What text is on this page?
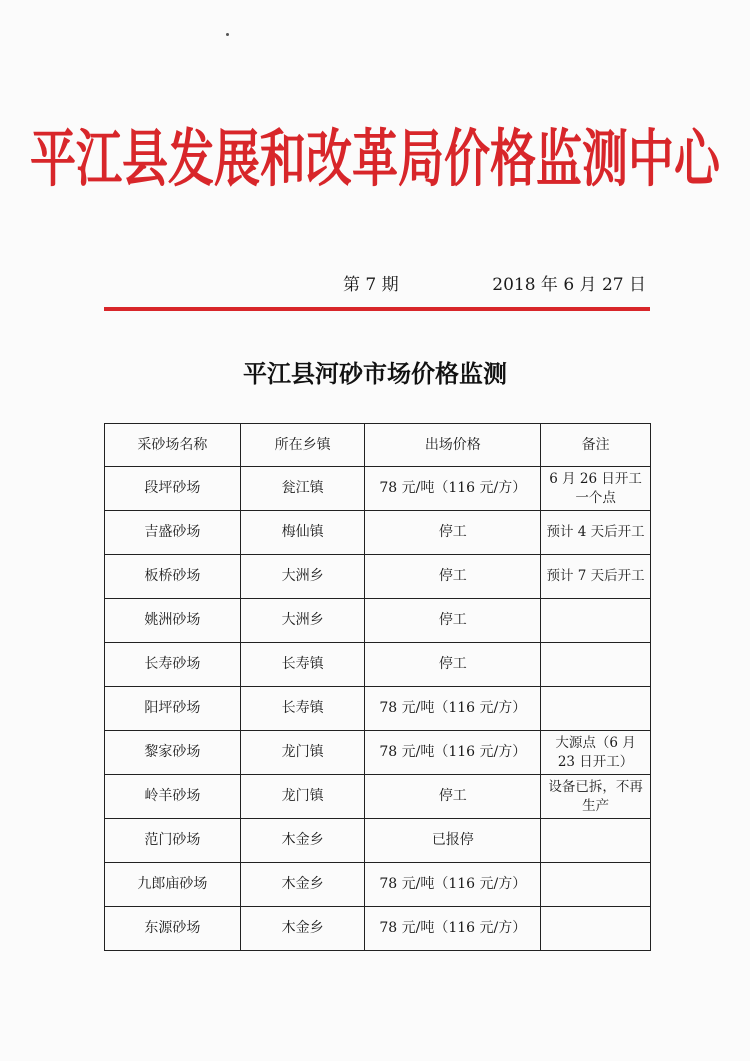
平江县发展和改革局价格监测中心
第 7 期	2018 年 6 月 27 日
平江县河砂市场价格监测
采砂场名称	所在乡镇	出场价格	备注
段坪砂场	瓮江镇	78 元/吨（116 元/方）	6 月 26 日开工一个点
吉盛砂场	梅仙镇	停工	预计 4 天后开工
板桥砂场	大洲乡	停工	预计 7 天后开工
姚洲砂场	大洲乡	停工	
长寿砂场	长寿镇	停工	
阳坪砂场	长寿镇	78 元/吨（116 元/方）	
黎家砂场	龙门镇	78 元/吨（116 元/方）	大源点（6 月 23 日开工）
岭羊砂场	龙门镇	停工	设备已拆，不再生产
范门砂场	木金乡	已报停	
九郎庙砂场	木金乡	78 元/吨（116 元/方）	
东源砂场	木金乡	78 元/吨（116 元/方）	
